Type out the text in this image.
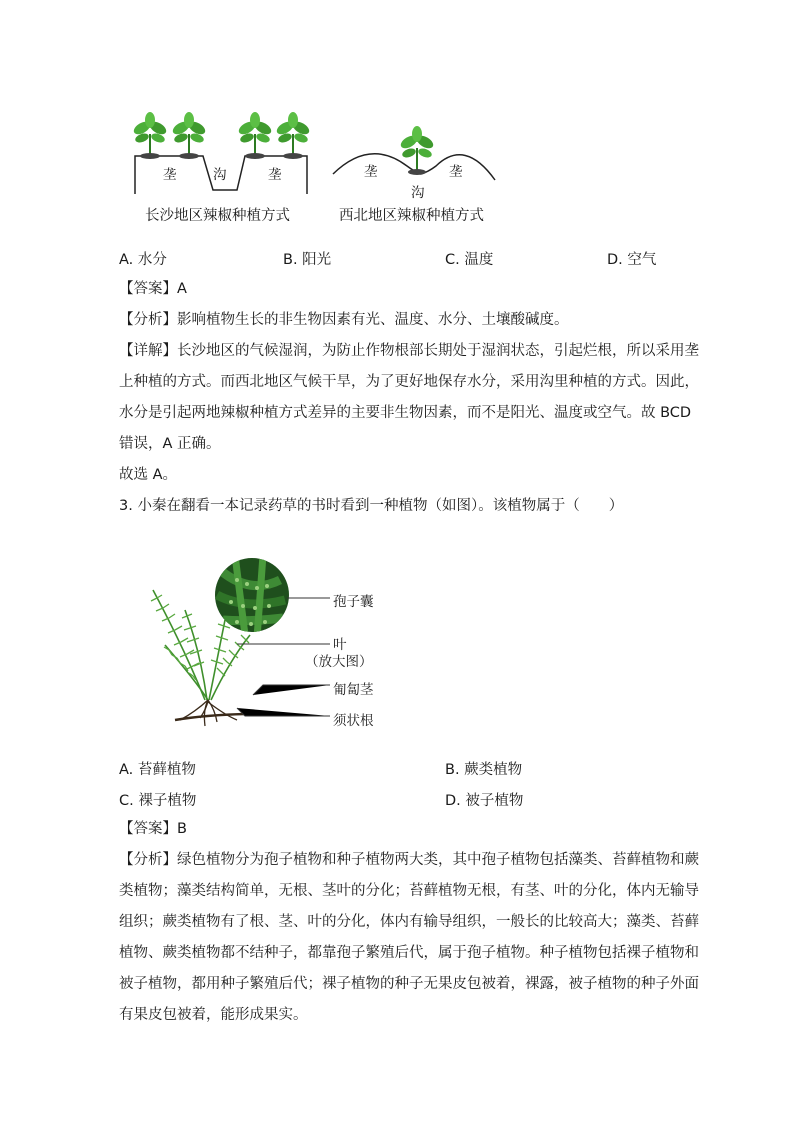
垄	沟	垄	垄	垄
沟
长沙地区辣椒种植方式	西北地区辣椒种植方式
A. 水分	B. 阳光	C. 温度	D. 空气
【答案】A
【分析】影响植物生长的非生物因素有光、温度、水分、土壤酸碱度。
【详解】长沙地区的气候湿润，为防止作物根部长期处于湿润状态，引起烂根，所以采用垄
上种植的方式。而西北地区气候干旱，为了更好地保存水分，采用沟里种植的方式。因此，
水分是引起两地辣椒种植方式差异的主要非生物因素，而不是阳光、温度或空气。故 BCD
错误，A 正确。
故选 A。
3. 小秦在翻看一本记录药草的书时看到一种植物（如图）。该植物属于（　　）
孢子囊
叶
（放大图）
匍匐茎
须状根
A. 苔藓植物	B. 蕨类植物
C. 裸子植物	D. 被子植物
【答案】B
【分析】绿色植物分为孢子植物和种子植物两大类，其中孢子植物包括藻类、苔藓植物和蕨
类植物；藻类结构简单，无根、茎叶的分化；苔藓植物无根，有茎、叶的分化，体内无输导
组织；蕨类植物有了根、茎、叶的分化，体内有输导组织，一般长的比较高大；藻类、苔藓
植物、蕨类植物都不结种子，都靠孢子繁殖后代，属于孢子植物。种子植物包括裸子植物和
被子植物，都用种子繁殖后代；裸子植物的种子无果皮包被着，裸露，被子植物的种子外面
有果皮包被着，能形成果实。
